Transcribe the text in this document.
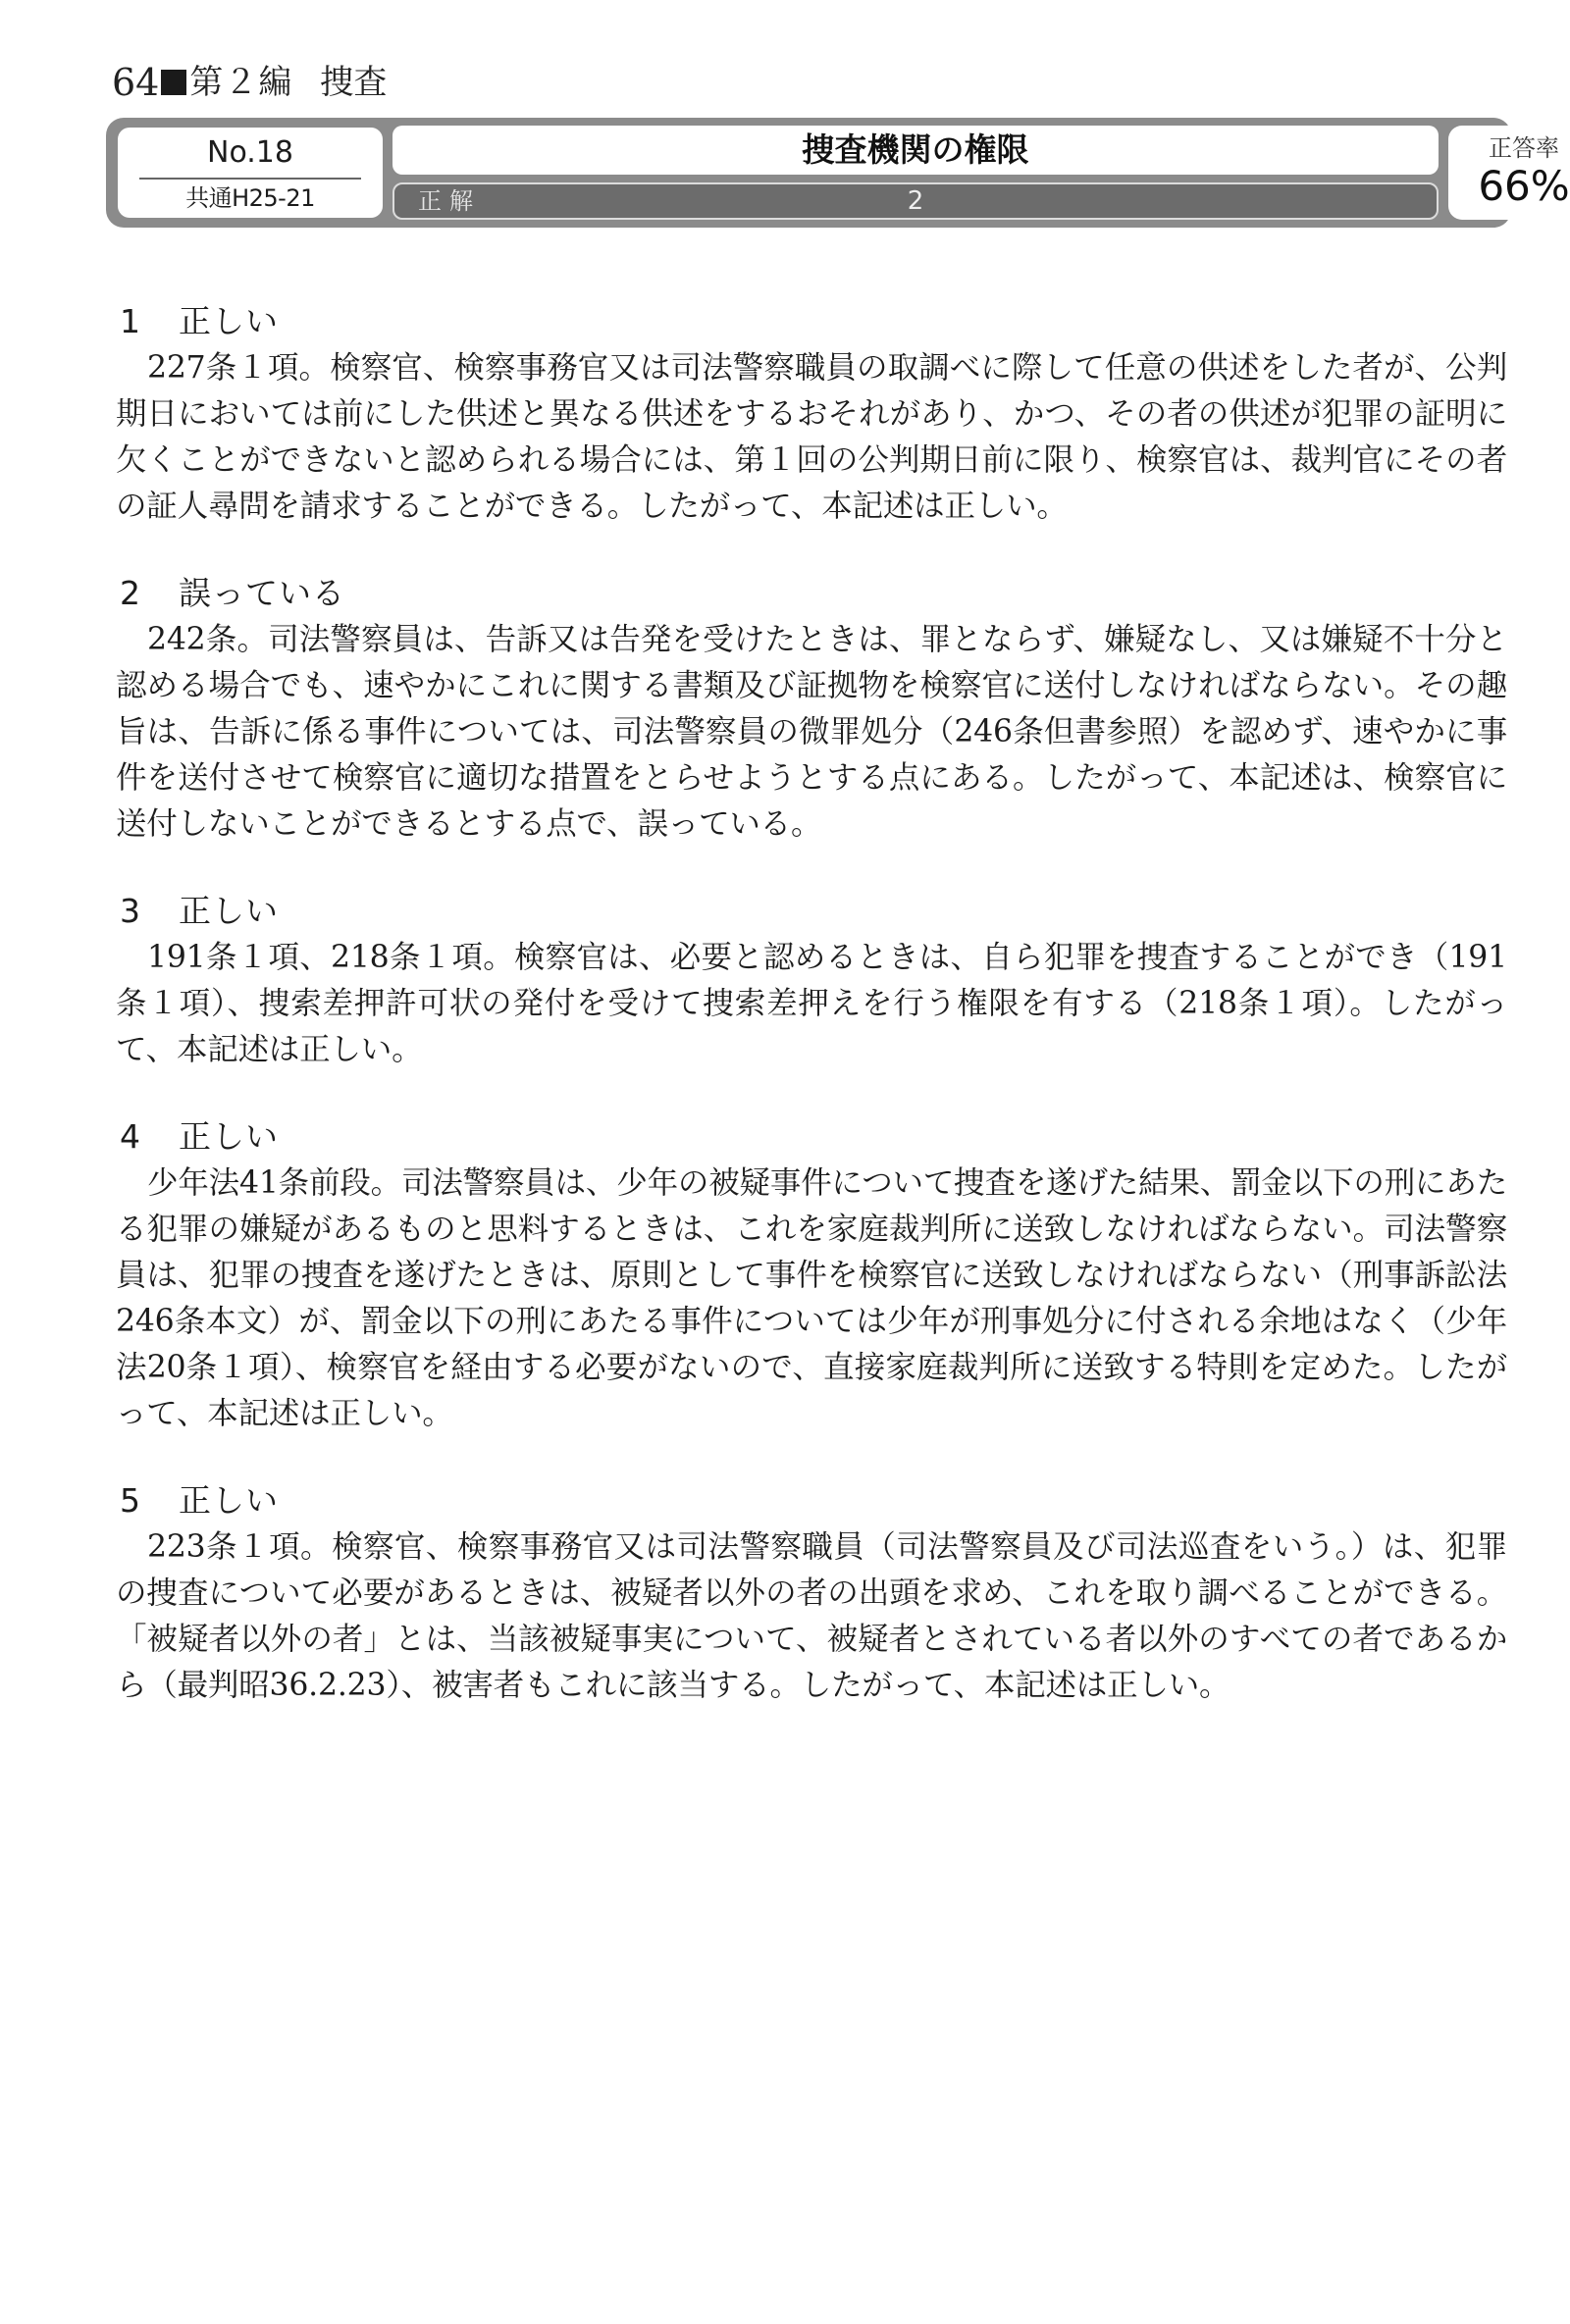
64 第２編 捜査
No.18
共通H25-21
捜査機関の権限
正解	2
正答率
66%
1 正しい
227条１項。検察官、検察事務官又は司法警察職員の取調べに際して任意の供述をした者が、公判期日においては前にした供述と異なる供述をするおそれがあり、かつ、その者の供述が犯罪の証明に欠くことができないと認められる場合には、第１回の公判期日前に限り、検察官は、裁判官にその者の証人尋問を請求することができる。したがって、本記述は正しい。
2 誤っている
242条。司法警察員は、告訴又は告発を受けたときは、罪とならず、嫌疑なし、又は嫌疑不十分と認める場合でも、速やかにこれに関する書類及び証拠物を検察官に送付しなければならない。その趣旨は、告訴に係る事件については、司法警察員の微罪処分（246条但書参照）を認めず、速やかに事件を送付させて検察官に適切な措置をとらせようとする点にある。したがって、本記述は、検察官に送付しないことができるとする点で、誤っている。
3 正しい
191条１項、218条１項。検察官は、必要と認めるときは、自ら犯罪を捜査することができ（191条１項）、捜索差押許可状の発付を受けて捜索差押えを行う権限を有する（218条１項）。したがって、本記述は正しい。
4 正しい
少年法41条前段。司法警察員は、少年の被疑事件について捜査を遂げた結果、罰金以下の刑にあたる犯罪の嫌疑があるものと思料するときは、これを家庭裁判所に送致しなければならない。司法警察員は、犯罪の捜査を遂げたときは、原則として事件を検察官に送致しなければならない（刑事訴訟法246条本文）が、罰金以下の刑にあたる事件については少年が刑事処分に付される余地はなく（少年法20条１項）、検察官を経由する必要がないので、直接家庭裁判所に送致する特則を定めた。したがって、本記述は正しい。
5 正しい
223条１項。検察官、検察事務官又は司法警察職員（司法警察員及び司法巡査をいう。）は、犯罪の捜査について必要があるときは、被疑者以外の者の出頭を求め、これを取り調べることができる。「被疑者以外の者」とは、当該被疑事実について、被疑者とされている者以外のすべての者であるから（最判昭36.2.23）、被害者もこれに該当する。したがって、本記述は正しい。
